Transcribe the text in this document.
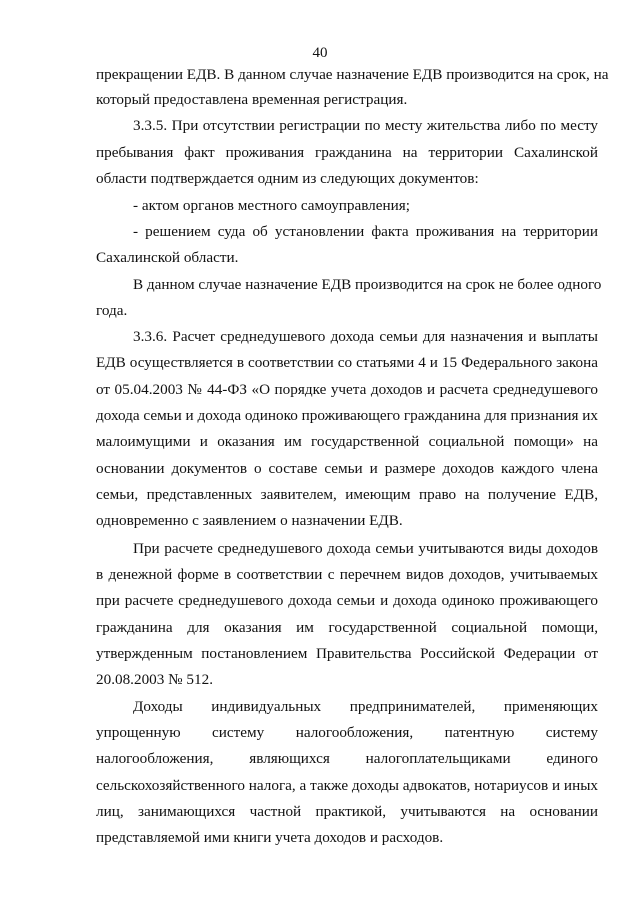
40
прекращении ЕДВ. В данном случае назначение ЕДВ производится на срок, на
который предоставлена временная регистрация.
3.3.5. При отсутствии регистрации по месту жительства либо по месту
пребывания факт проживания гражданина на территории Сахалинской
области подтверждается одним из следующих документов:
- актом органов местного самоуправления;
- решением суда об установлении факта проживания на территории
Сахалинской области.
В данном случае назначение ЕДВ производится на срок не более одного
года.
3.3.6. Расчет среднедушевого дохода семьи для назначения и выплаты
ЕДВ осуществляется в соответствии со статьями 4 и 15 Федерального закона
от 05.04.2003 № 44-ФЗ «О порядке учета доходов и расчета среднедушевого
дохода семьи и дохода одиноко проживающего гражданина для признания их
малоимущими и оказания им государственной социальной помощи» на
основании документов о составе семьи и размере доходов каждого члена
семьи, представленных заявителем, имеющим право на получение ЕДВ,
одновременно с заявлением о назначении ЕДВ.
При расчете среднедушевого дохода семьи учитываются виды доходов
в денежной форме в соответствии с перечнем видов доходов, учитываемых
при расчете среднедушевого дохода семьи и дохода одиноко проживающего
гражданина для оказания им государственной социальной помощи,
утвержденным постановлением Правительства Российской Федерации от
20.08.2003 № 512.
Доходы индивидуальных предпринимателей, применяющих
упрощенную систему налогообложения, патентную систему
налогообложения, являющихся налогоплательщиками единого
сельскохозяйственного налога, а также доходы адвокатов, нотариусов и иных
лиц, занимающихся частной практикой, учитываются на основании
представляемой ими книги учета доходов и расходов.
